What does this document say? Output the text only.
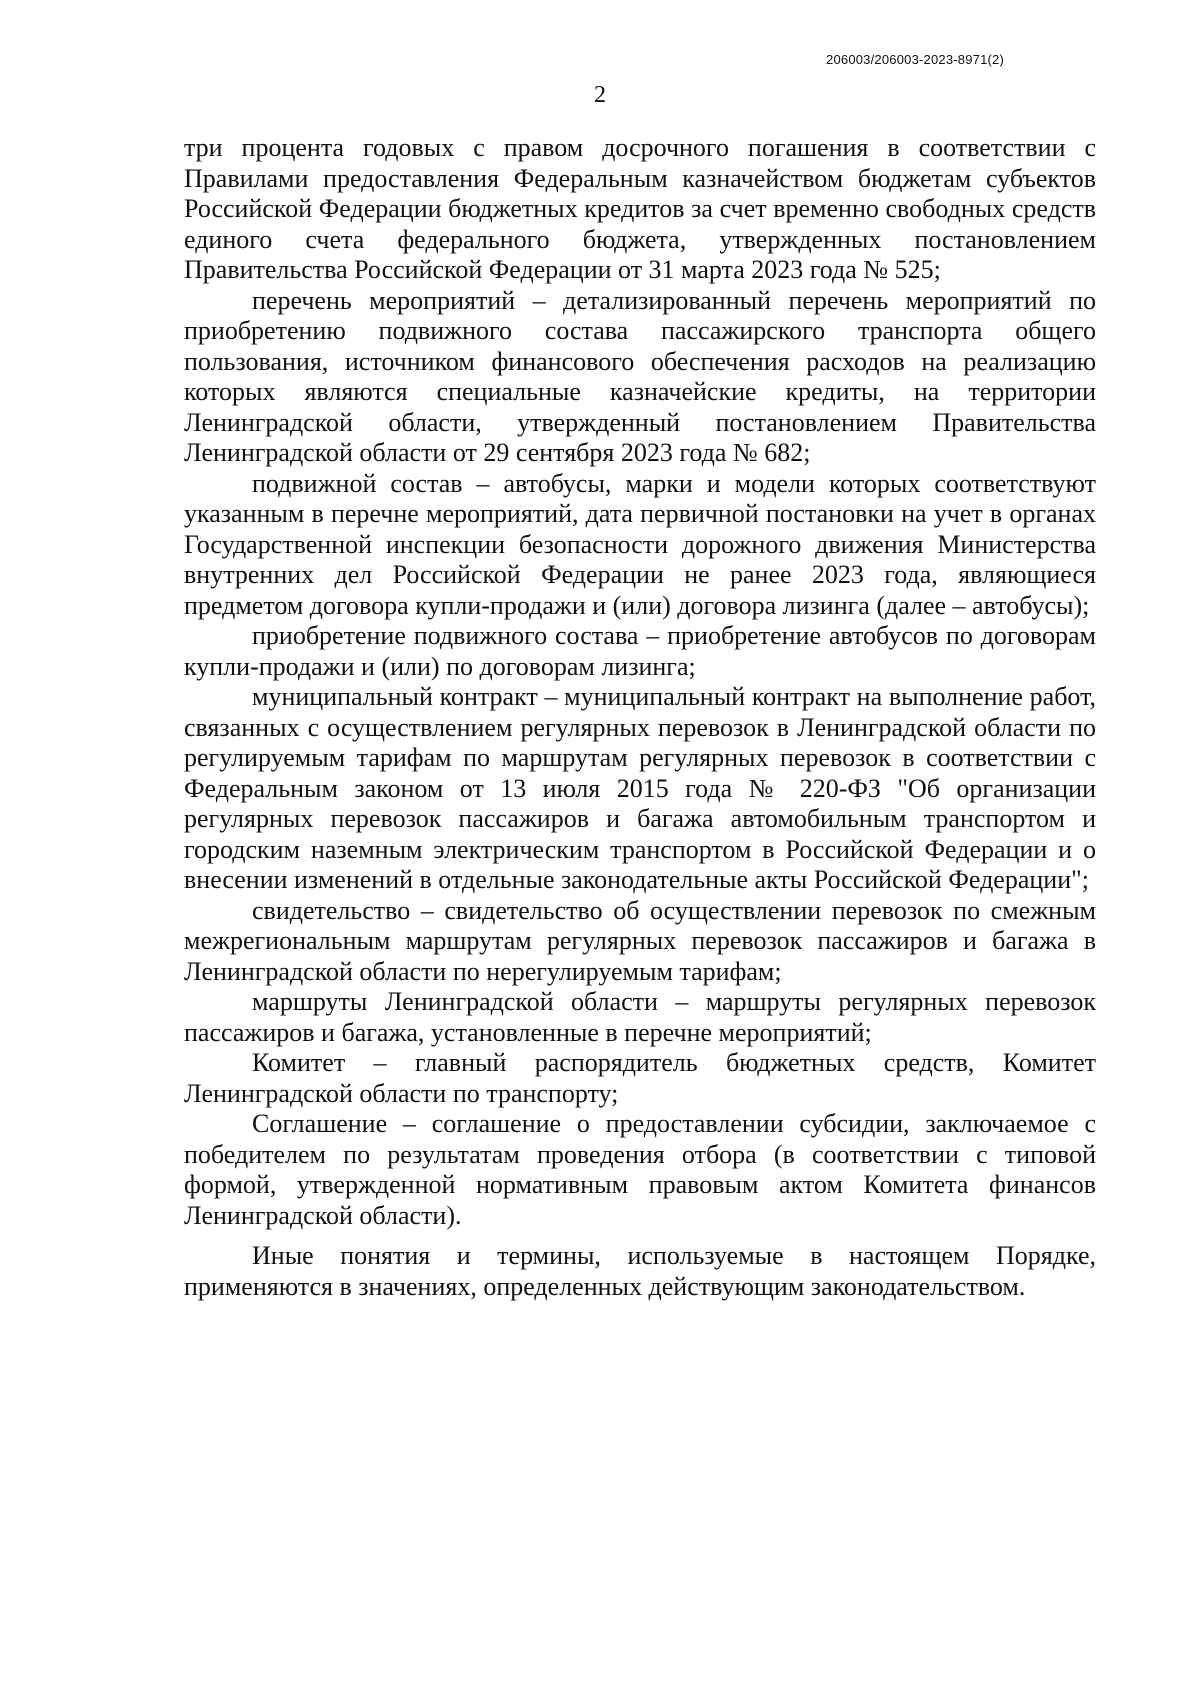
206003/206003-2023-8971(2)
2

три процента годовых с правом досрочного погашения в соответствии с Правилами предоставления Федеральным казначейством бюджетам субъектов Российской Федерации бюджетных кредитов за счет временно свободных средств единого счета федерального бюджета, утвержденных постановлением Правительства Российской Федерации от 31 марта 2023 года № 525;

перечень мероприятий – детализированный перечень мероприятий по приобретению подвижного состава пассажирского транспорта общего пользования, источником финансового обеспечения расходов на реализацию которых являются специальные казначейские кредиты, на территории Ленинградской области, утвержденный постановлением Правительства Ленинградской области от 29 сентября 2023 года № 682;

подвижной состав – автобусы, марки и модели которых соответствуют указанным в перечне мероприятий, дата первичной постановки на учет в органах Государственной инспекции безопасности дорожного движения Министерства внутренних дел Российской Федерации не ранее 2023 года, являющиеся предметом договора купли-продажи и (или) договора лизинга (далее – автобусы);

приобретение подвижного состава – приобретение автобусов по договорам купли-продажи и (или) по договорам лизинга;

муниципальный контракт – муниципальный контракт на выполнение работ, связанных с осуществлением регулярных перевозок в Ленинградской области по регулируемым тарифам по маршрутам регулярных перевозок в соответствии с Федеральным законом от 13 июля 2015 года № 220-ФЗ "Об организации регулярных перевозок пассажиров и багажа автомобильным транспортом и городским наземным электрическим транспортом в Российской Федерации и о внесении изменений в отдельные законодательные акты Российской Федерации";

свидетельство – свидетельство об осуществлении перевозок по смежным межрегиональным маршрутам регулярных перевозок пассажиров и багажа в Ленинградской области по нерегулируемым тарифам;

маршруты Ленинградской области – маршруты регулярных перевозок пассажиров и багажа, установленные в перечне мероприятий;

Комитет – главный распорядитель бюджетных средств, Комитет Ленинградской области по транспорту;

Соглашение – соглашение о предоставлении субсидии, заключаемое с победителем по результатам проведения отбора (в соответствии с типовой формой, утвержденной нормативным правовым актом Комитета финансов Ленинградской области).

Иные понятия и термины, используемые в настоящем Порядке, применяются в значениях, определенных действующим законодательством.
